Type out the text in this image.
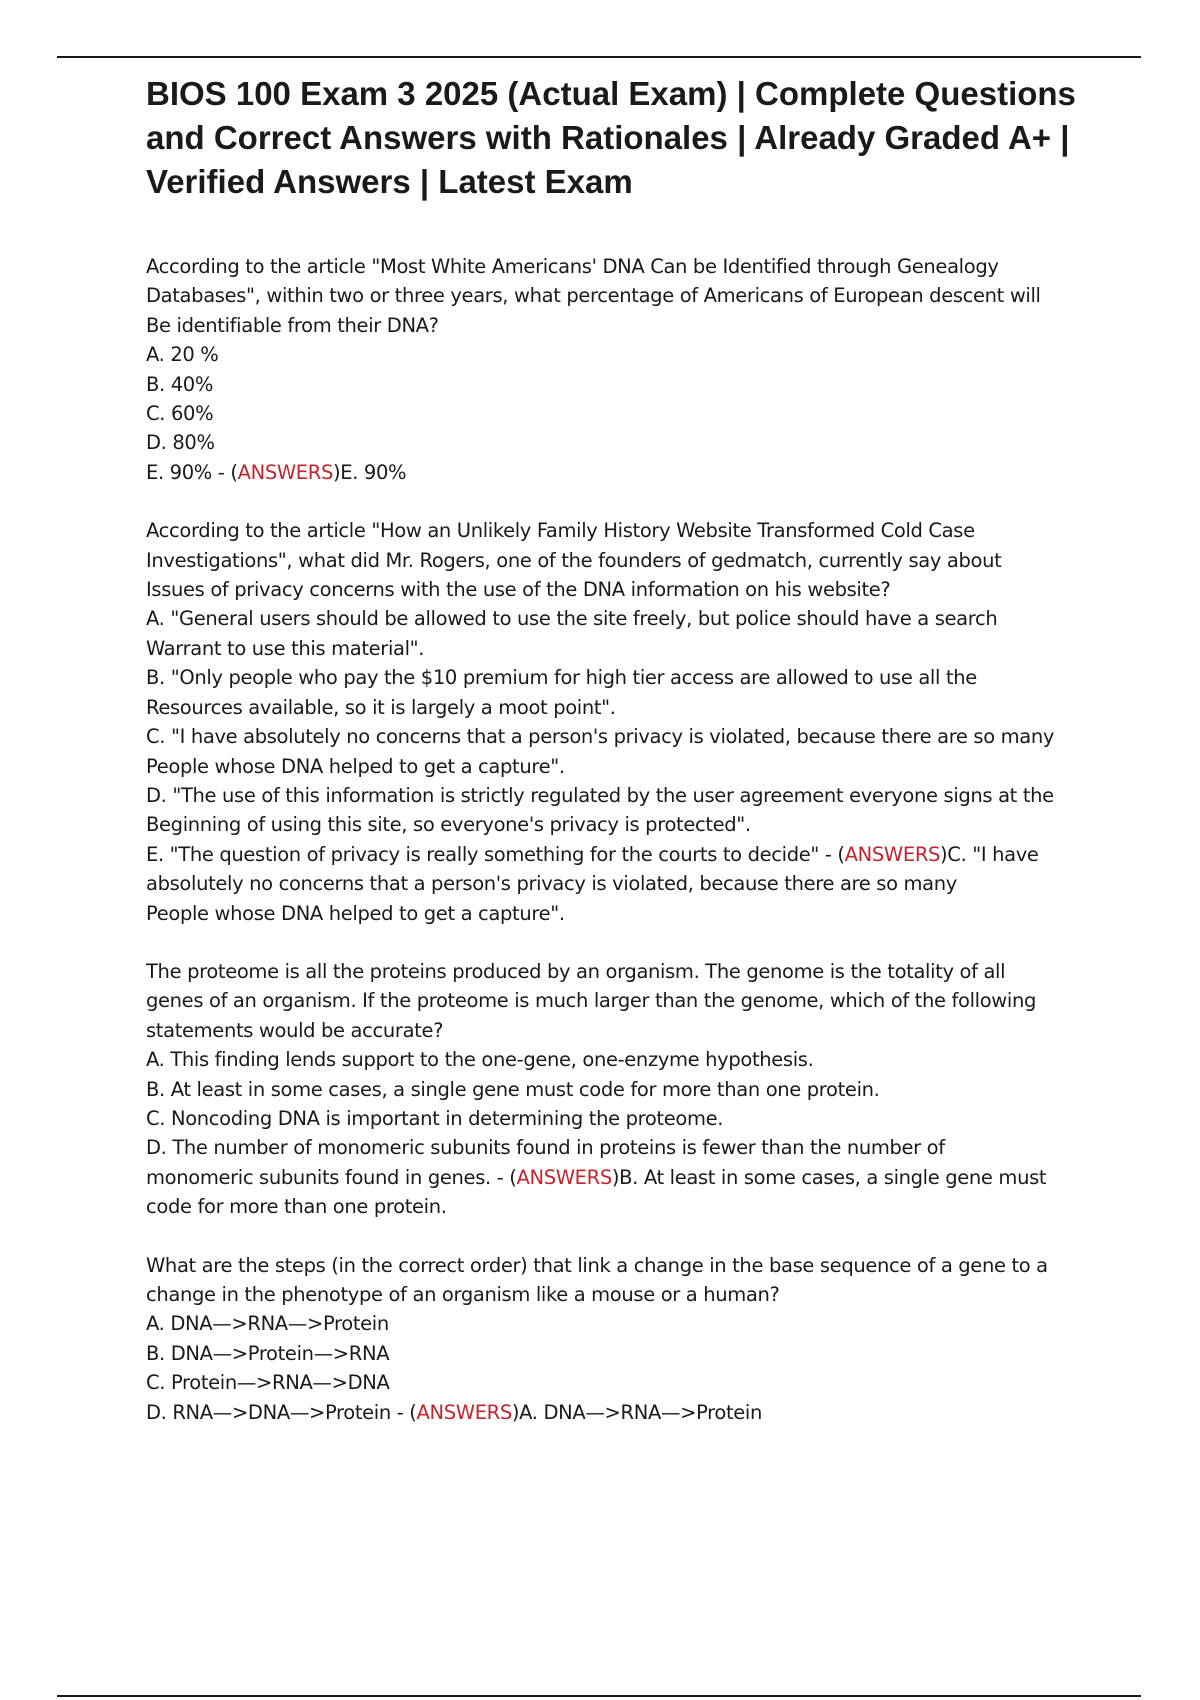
BIOS 100 Exam 3 2025 (Actual Exam) | Complete Questions and Correct Answers with Rationales | Already Graded A+ | Verified Answers | Latest Exam

According to the article "Most White Americans' DNA Can be Identified through Genealogy

Databases", within two or three years, what percentage of Americans of European descent will

Be identifiable from their DNA?

A. 20 %

B. 40%

C. 60%

D. 80%

E. 90% - (ANSWERS)E. 90%

According to the article "How an Unlikely Family History Website Transformed Cold Case

Investigations", what did Mr. Rogers, one of the founders of gedmatch, currently say about

Issues of privacy concerns with the use of the DNA information on his website?

A. "General users should be allowed to use the site freely, but police should have a search

Warrant to use this material".

B. "Only people who pay the $10 premium for high tier access are allowed to use all the

Resources available, so it is largely a moot point".

C. "I have absolutely no concerns that a person's privacy is violated, because there are so many

People whose DNA helped to get a capture".

D. "The use of this information is strictly regulated by the user agreement everyone signs at the

Beginning of using this site, so everyone's privacy is protected".

E. "The question of privacy is really something for the courts to decide" - (ANSWERS)C. "I have

absolutely no concerns that a person's privacy is violated, because there are so many

People whose DNA helped to get a capture".

The proteome is all the proteins produced by an organism. The genome is the totality of all

genes of an organism. If the proteome is much larger than the genome, which of the following

statements would be accurate?

A. This finding lends support to the one-gene, one-enzyme hypothesis.

B. At least in some cases, a single gene must code for more than one protein.

C. Noncoding DNA is important in determining the proteome.

D. The number of monomeric subunits found in proteins is fewer than the number of

monomeric subunits found in genes. - (ANSWERS)B. At least in some cases, a single gene must

code for more than one protein.

What are the steps (in the correct order) that link a change in the base sequence of a gene to a

change in the phenotype of an organism like a mouse or a human?

A. DNA—>RNA—>Protein

B. DNA—>Protein—>RNA

C. Protein—>RNA—>DNA

D. RNA—>DNA—>Protein - (ANSWERS)A. DNA—>RNA—>Protein
